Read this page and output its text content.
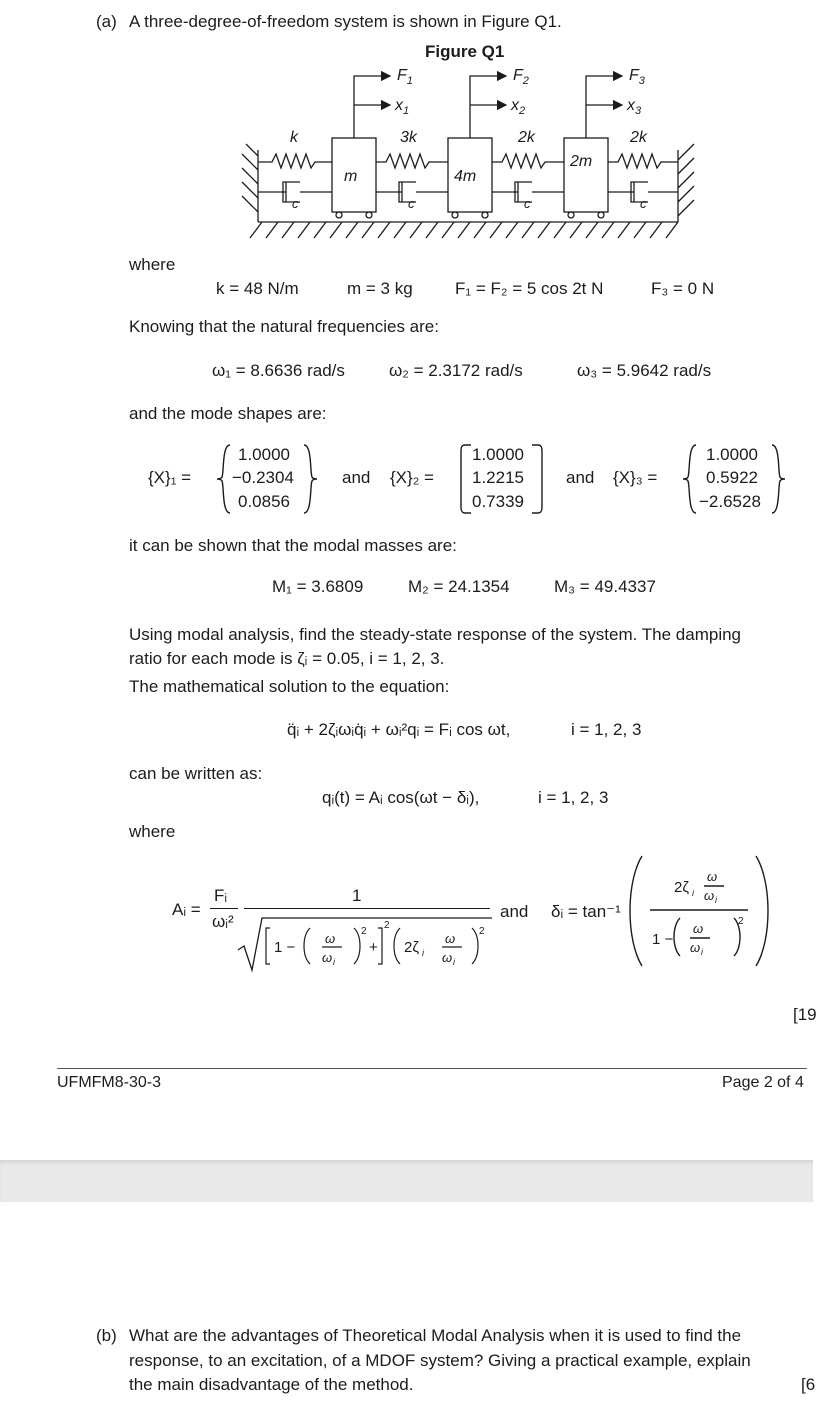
(a) A three-degree-of-freedom system is shown in Figure Q1.
Figure Q1
$F_1$	$F_2$	$F_3$
$x_1$	$x_2$	$x_3$
k	3k	2k	2k
m	4m
2m
c	c	c	c
where
k = 48 N/m	m = 3 kg F₁ = F₂ = 5 cos 2t N	F₃ = 0 N
Knowing that the natural frequencies are:
ω₁ = 8.6636 rad/s	ω₂ = 2.3172 rad/s	ω₃ = 5.9642 rad/s
and the mode shapes are:
{X}₁ =
1.0000
−0.2304
0.0856
and {X}₂ =
1.0000
1.2215
0.7339
and {X}₃ =
1.0000
0.5922
−2.6528
it can be shown that the modal masses are:
M₁ = 3.6809	M₂ = 24.1354	M₃ = 49.4337
Using modal analysis, find the steady-state response of the system. The damping
ratio for each mode is ζᵢ = 0.05, i = 1, 2, 3.
The mathematical solution to the equation:
q̈ᵢ + 2ζᵢωᵢq̇ᵢ + ωᵢ²qᵢ = Fᵢ cos ωt,	i = 1, 2, 3
can be written as:
qᵢ(t) = Aᵢ cos(ωt − δᵢ),	i = 1, 2, 3
where
Aᵢ =
Fᵢ
ωᵢ²
1
1 −
ω
ω i
2
2
+ 2ζ i
ω
ω i
2
and δᵢ = tan⁻¹
2ζ i
ω
ω i
1 −
ω
ω i
2
[19
UFMFM8-30-3	Page 2 of 4
(b) What are the advantages of Theoretical Modal Analysis when it is used to find the
response, to an excitation, of a MDOF system? Giving a practical example, explain
the main disadvantage of the method.	[6
